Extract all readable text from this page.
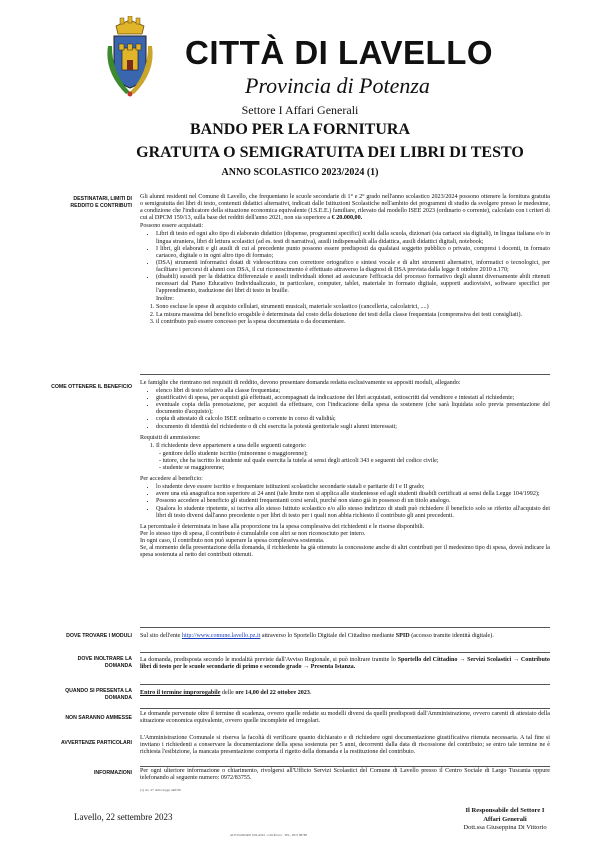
CITTÀ DI LAVELLO
Provincia di Potenza
Settore I Affari Generali
BANDO PER LA FORNITURA
GRATUITA O SEMIGRATUITA DEI LIBRI DI TESTO
ANNO SCOLASTICO 2023/2024 (1)
DESTINATARI, LIMITI DI REDDITO E CONTRIBUTI

Gli alunni residenti nel Comune di Lavello, che frequentano le scuole secondarie di 1° e 2° grado nell'anno scolastico 2023/2024 possono ottenere la fornitura gratuita o semigratuita dei libri di testo, contenuti didattici alternativi, indicati dalle Istituzioni Scolastiche nell'ambito dei programmi di studio da svolgere presso le medesime, a condizione che l'indicatore della situazione economica equivalente (I.S.E.E.) familiare, rilevato dal modello ISEE 2023 (ordinario o corrente), calcolato con i criteri di cui al DPCM 159/13, sulla base dei redditi dell'anno 2021, non sia superiore a € 20.000,00.

Possono essere acquistati:

• Libri di testo ed ogni alto tipo di elaborato didattico (dispense, programmi specifici) scelti dalla scuola, dizionari (sia cartacei sia digitali), in lingua italiana e/o in lingua straniera, libri di lettura scolastici (ad es. testi di narrativa), ausili indispensabili alla didattica, ausili didattici digitali, notebook;
• I libri, gli elaborati e gli ausili di cui al precedente punto possono essere predisposti da qualsiasi soggetto pubblico o privato, compresi i docenti, in formato cartaceo, digitale o in ogni altro tipo di formato;
• (DSA) strumenti informatici dotati di videoscrittura con correttore ortografico e sintesi vocale e di altri strumenti alternativi, informatici o tecnologici, per facilitare i percorsi di alunni con DSA, il cui riconoscimento è effettuato attraverso la diagnosi di DSA prevista dalla legge 8 ottobre 2010 n.170;
• (disabili) sussidi per la didattica differenziale e ausili individuali idonei ad assicurare l'efficacia del processo formativo degli alunni diversamente abili ritenuti necessari dal Piano Educativo Individualizzato, in particolare, computer, tablet, materiale in formato digitale, supporti audiovisivi, software specifici per l'apprendimento, traduzione dei libri di testo in braille.

Inoltre:

1. Sono escluse le spese di acquisto cellulari, strumenti musicali, materiale scolastico (cancelleria, calcolatrici, ....)
2. La misura massima del beneficio erogabile è determinata dal costo della dotazione dei testi della classe frequentata (comprensiva dei testi consigliati).
3. il contributo può essere concesso per la spesa documentata o da documentare.
COME OTTENERE IL BENEFICIO

Le famiglie che rientrano nei requisiti di reddito, devono presentare domanda redatta esclusivamente su appositi moduli, allegando:

• elenco libri di testo relativo alla classe frequentata;
• giustificativi di spesa, per acquisti già effettuati, accompagnati da indicazione dei libri acquistati, sottoscritti dal venditore e intestati al richiedente;
• eventuale copia della prenotazione, per acquisti da effettuare, con l'indicazione della spesa da sostenere (che sarà liquidata solo previa presentazione del documento d'acquisto);
• copia di attestato di calcolo ISEE ordinario o corrente in corso di validità;
• documento di identità del richiedente o di chi esercita la potestà genitoriale sugli alunni interessati;

Requisiti di ammissione:

1. Il richiedente deve appartenere a una delle seguenti categorie:
- genitore dello studente iscritto (minorenne o maggiorenne);
- tutore, che ha iscritto lo studente sul quale esercita la tutela ai sensi degli articoli 343 e seguenti del codice civile;
- studente se maggiorenne;

Per accedere al beneficio:

• lo studente deve essere iscritto e frequentare istituzioni scolastiche secondarie statali e paritarie di I e II grado;
• avere una età anagrafica non superiore ai 24 anni (tale limite non si applica alle studentesse ed agli studenti disabili certificati ai sensi della Legge 104/1992);
• Possono accedere al beneficio gli studenti frequentanti corsi serali, purché non siano già in possesso di un titolo analogo.
• Qualora lo studente ripetente, si iscriva allo stesso Istituto scolastico e/o allo stesso indirizzo di studi può richiedere il beneficio solo se riferito all'acquisto dei libri di testo diversi dall'anno precedente o per libri di testo per i quali non abbia richiesto il contributo gli anni precedenti.

La percentuale è determinata in base alla proporzione tra la spesa complessiva dei richiedenti e le risorse disponibili.

Per lo stesso tipo di spesa, il contributo è cumulabile con altri se non riconosciuto per intero.

In ogni caso, il contributo non può superare la spesa complessiva sostenuta.

Se, al momento della presentazione della domanda, il richiedente ha già ottenuto la concessione anche di altri contributi per il medesimo tipo di spesa, dovrà indicare la spesa sostenuta al netto dei contributi ottenuti.

DOVE TROVARE I MODULI Sul sito dell'ente http://www.comune.lavello.pz.it attraverso lo Sportello Digitale del Cittadino mediante SPID (accesso tramite identità digitale).

DOVE INOLTRARE LA DOMANDA

La domanda, predisposta secondo le modalità previste dall'Avviso Regionale, si può inoltrare tramite lo Sportello del Cittadino → Servizi Scolastici → Contributo libri di testo per le scuole secondarie di primo e secondo grado → Presenta Istanza.

QUANDO SI PRESENTA LA DOMANDA

Entro il termine improrogabile delle ore 14,00 del 22 ottobre 2023.

NON SARANNO AMMESSE

Le domande pervenute oltre il termine di scadenza, ovvero quelle redatte su modelli diversi da quelli predisposti dall'Amministrazione, ovvero carenti di attestato della situazione economica equivalente, ovvero quelle incomplete ed irregolari.

AVVERTENZE PARTICOLARI

L'Amministrazione Comunale si riserva la facoltà di verificare quanto dichiarato e di richiedere ogni documentazione giustificativa ritenuta necessaria. A tal fine si invitano i richiedenti a conservare la documentazione della spesa sostenuta per 5 anni, decorrenti dalla data di riscossione del contributo; se entro tale termine ne è richiesta l'esibizione, la mancata presentazione comporta il rigetto della domanda e la restituzione del contributo.

INFORMAZIONI Per ogni ulteriore informazione o chiarimento, rivolgersi all'Ufficio Servizi Scolastici del Comune di Lavello presso il Centro Sociale di Largo Tuscania oppure telefonando al seguente numero: 0972/83755.

(1) art. 27 della legge 448/98
Lavello, 22 settembre 2023
Il Responsabile del Settore I
Affari Generali
Dott.ssa Giuseppina Di Vittorio
ALESSANDRO SOLANO - LAVELLO - TEL. 0972 88788
